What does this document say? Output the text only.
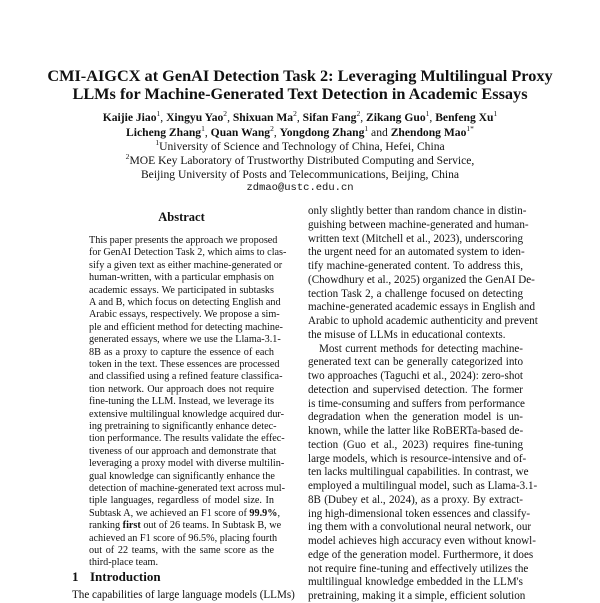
CMI-AIGCX at GenAI Detection Task 2: Leveraging Multilingual Proxy
LLMs for Machine-Generated Text Detection in Academic Essays
Kaijie Jiao$^1$, Xingyu Yao$^2$, Shixuan Ma$^2$, Sifan Fang$^2$, Zikang Guo$^1$, Benfeng Xu$^1$
Licheng Zhang$^1$, Quan Wang$^2$, Yongdong Zhang$^1$ and Zhendong Mao$^{1*}$
$^1$University of Science and Technology of China, Hefei, China
$^2$MOE Key Laboratory of Trustworthy Distributed Computing and Service,
Beijing University of Posts and Telecommunications, Beijing, China
zdmao@ustc.edu.cn
Abstract
This paper presents the approach we proposed
for GenAI Detection Task 2, which aims to clas-
sify a given text as either machine-generated or
human-written, with a particular emphasis on
academic essays. We participated in subtasks
A and B, which focus on detecting English and
Arabic essays, respectively. We propose a sim-
ple and efficient method for detecting machine-
generated essays, where we use the Llama-3.1-
8B as a proxy to capture the essence of each
token in the text. These essences are processed
and classified using a refined feature classifica-
tion network. Our approach does not require
fine-tuning the LLM. Instead, we leverage its
extensive multilingual knowledge acquired dur-
ing pretraining to significantly enhance detec-
tion performance. The results validate the effec-
tiveness of our approach and demonstrate that
leveraging a proxy model with diverse multilin-
gual knowledge can significantly enhance the
detection of machine-generated text across mul-
tiple languages, regardless of model size. In
Subtask A, we achieved an F1 score of 99.9%,
ranking first out of 26 teams. In Subtask B, we
achieved an F1 score of 96.5%, placing fourth
out of 22 teams, with the same score as the
third-place team.
1 Introduction
The capabilities of large language models (LLMs)
only slightly better than random chance in distin-
guishing between machine-generated and human-
written text (Mitchell et al., 2023), underscoring
the urgent need for an automated system to iden-
tify machine-generated content. To address this,
(Chowdhury et al., 2025) organized the GenAI De-
tection Task 2, a challenge focused on detecting
machine-generated academic essays in English and
Arabic to uphold academic authenticity and prevent
the misuse of LLMs in educational contexts.
Most current methods for detecting machine-
generated text can be generally categorized into
two approaches (Taguchi et al., 2024): zero-shot
detection and supervised detection. The former
is time-consuming and suffers from performance
degradation when the generation model is un-
known, while the latter like RoBERTa-based de-
tection (Guo et al., 2023) requires fine-tuning
large models, which is resource-intensive and of-
ten lacks multilingual capabilities. In contrast, we
employed a multilingual model, such as Llama-3.1-
8B (Dubey et al., 2024), as a proxy. By extract-
ing high-dimensional token essences and classify-
ing them with a convolutional neural network, our
model achieves high accuracy even without knowl-
edge of the generation model. Furthermore, it does
not require fine-tuning and effectively utilizes the
multilingual knowledge embedded in the LLM's
pretraining, making it a simple, efficient solution
